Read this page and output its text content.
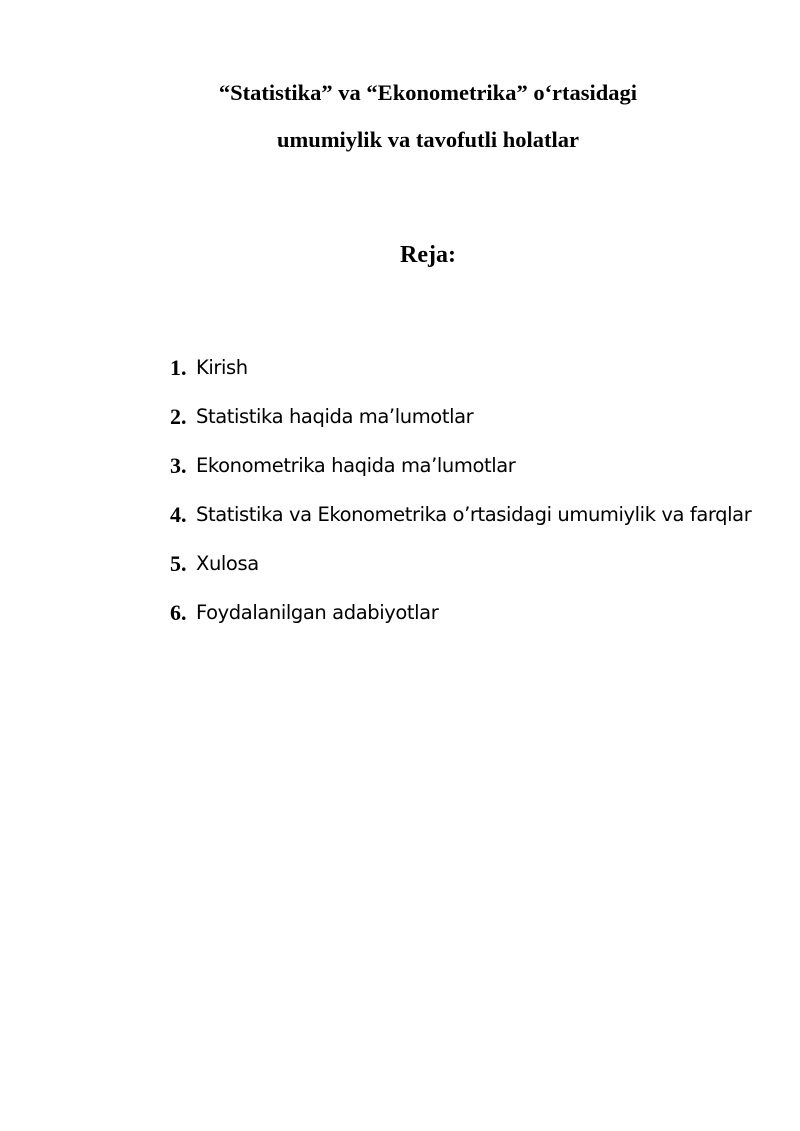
“Statistika” va “Ekonometrika” o‘rtasidagi
umumiylik va tavofutli holatlar
Reja:
1. Kirish
2. Statistika haqida ma’lumotlar
3. Ekonometrika haqida ma’lumotlar
4. Statistika va Ekonometrika o’rtasidagi umumiylik va farqlar
5. Xulosa
6. Foydalanilgan adabiyotlar
